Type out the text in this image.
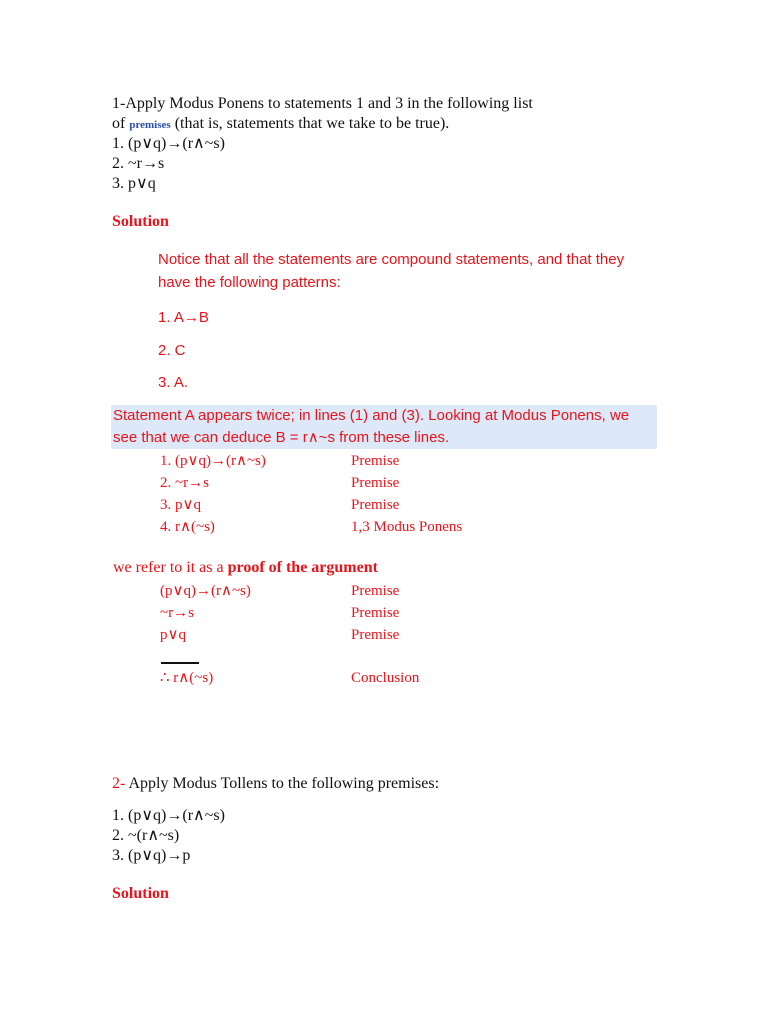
1-Apply Modus Ponens to statements 1 and 3 in the following list
of premises (that is, statements that we take to be true).
1. (p∨q)→(r∧~s)
2. ~r→s
3. p∨q
Solution
Notice that all the statements are compound statements, and that they
have the following patterns:
1. A→B
2. C
3. A.
Statement A appears twice; in lines (1) and (3). Looking at Modus Ponens, we
see that we can deduce B = r∧~s from these lines.
1. (p∨q)→(r∧~s)	Premise
2. ~r→s	Premise
3. p∨q	Premise
4. r∧(~s)	1,3 Modus Ponens
we refer to it as a proof of the argument
(p∨q)→(r∧~s)	Premise
~r→s	Premise
p∨q	Premise
∴ r∧(~s)	Conclusion
2- Apply Modus Tollens to the following premises:
1. (p∨q)→(r∧~s)
2. ~(r∧~s)
3. (p∨q)→p
Solution
